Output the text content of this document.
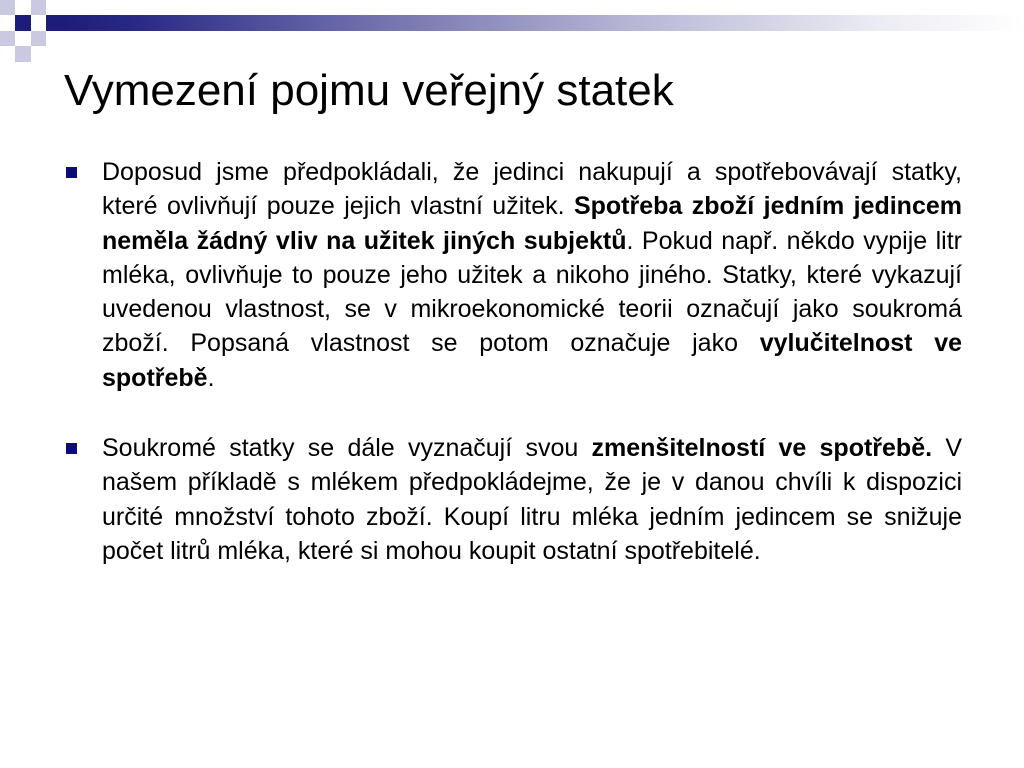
Vymezení pojmu veřejný statek
Doposud jsme předpokládali, že jedinci nakupují a spotřebovávají statky, které ovlivňují pouze jejich vlastní užitek. Spotřeba zboží jedním jedincem neměla žádný vliv na užitek jiných subjektů. Pokud např. někdo vypije litr mléka, ovlivňuje to pouze jeho užitek a nikoho jiného. Statky, které vykazují uvedenou vlastnost, se v mikroekonomické teorii označují jako soukromá zboží. Popsaná vlastnost se potom označuje jako vylučitelnost ve spotřebě.
Soukromé statky se dále vyznačují svou zmenšitelností ve spotřebě. V našem příkladě s mlékem předpokládejme, že je v danou chvíli k dispozici určité množství tohoto zboží. Koupí litru mléka jedním jedincem se snižuje počet litrů mléka, které si mohou koupit ostatní spotřebitelé.
